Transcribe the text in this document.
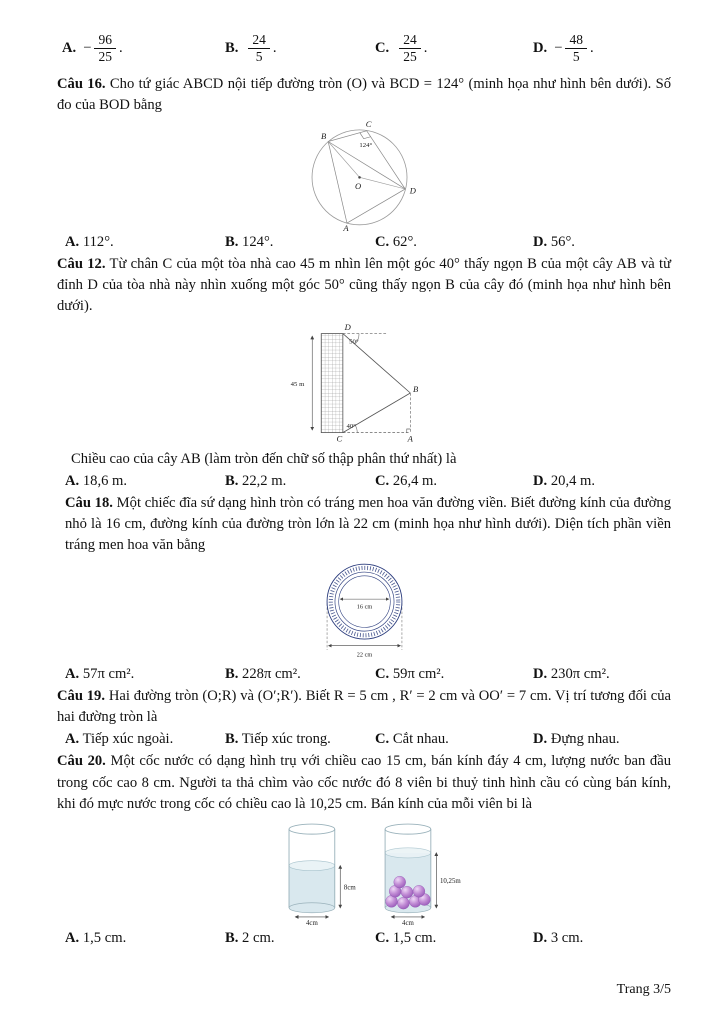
A. − $\frac{96}{25}$ .	B. $\frac{24}{5}$ .	C. $\frac{24}{25}$ .	D. − $\frac{48}{5}$ .

Câu 16. Cho tứ giác ABCD nội tiếp đường tròn (O) và BCD = 124° (minh họa như hình bên dưới). Số đo của BOD bằng

B
C
124°
D
A
O
A. 112°.	B. 124°.	C. 62°.	D. 56°.

Câu 12. Từ chân C của một tòa nhà cao 45 m nhìn lên một góc 40° thấy ngọn B của một cây AB và từ đỉnh D của tòa nhà này nhìn xuống một góc 50° cũng thấy ngọn B của cây đó (minh họa như hình bên dưới).

45 m
50°
40°
D
B
C	A

Chiều cao của cây AB (làm tròn đến chữ số thập phân thứ nhất) là

A. 18,6 m.	B. 22,2 m.	C. 26,4 m.	D. 20,4 m.

Câu 18. Một chiếc đĩa sứ dạng hình tròn có tráng men hoa văn đường viền. Biết đường kính của đường nhỏ là 16 cm, đường kính của đường tròn lớn là 22 cm (minh họa như hình dưới). Diện tích phần viền tráng men hoa văn bằng

22 cm
16 cm
A. 57π cm².	B. 228π cm².	C. 59π cm².	D. 230π cm².

Câu 19. Hai đường tròn (O;R) và (O′;R′). Biết R = 5 cm , R′ = 2 cm và OO′ = 7 cm. Vị trí tương đối của hai đường tròn là

A. Tiếp xúc ngoài.	B. Tiếp xúc trong.	C. Cắt nhau.	D. Đựng nhau.

Câu 20. Một cốc nước có dạng hình trụ với chiều cao 15 cm, bán kính đáy 4 cm, lượng nước ban đầu trong cốc cao 8 cm. Người ta thả chìm vào cốc nước đó 8 viên bi thuỷ tinh hình cầu có cùng bán kính, khi đó mực nước trong cốc có chiều cao là 10,25 cm. Bán kính của mỗi viên bi là

8cm
4cm
10,25m
4cm
A. 1,5 cm.	B. 2 cm.	C. 1,5 cm.	D. 3 cm.
Trang 3/5
